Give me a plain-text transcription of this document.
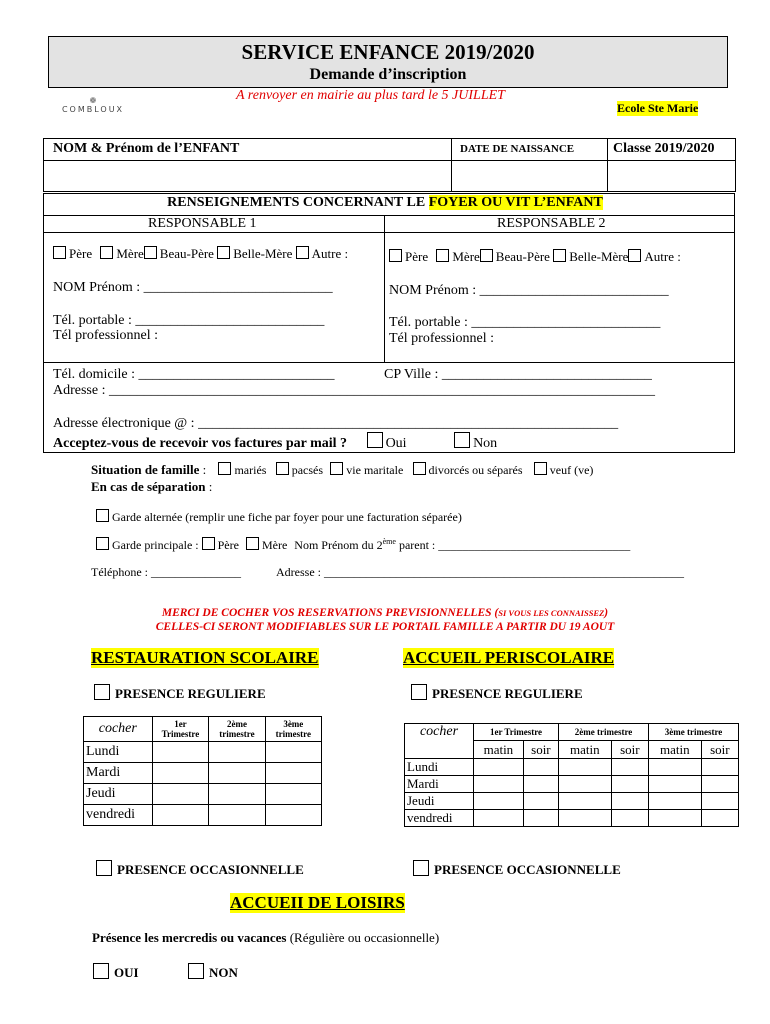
SERVICE ENFANCE 2019/2020
Demande d’inscription
A renvoyer en mairie au plus tard le 5 JUILLET
❁
COMBLOUX	Ecole Ste Marie
NOM & Prénom de l’ENFANT	DATE DE NAISSANCE	Classe 2019/2020
RENSEIGNEMENTS CONCERNANT LE FOYER OU VIT L’ENFANT
RESPONSABLE 1	RESPONSABLE 2
Père Mère Beau-Père Belle-Mère Autre :	Père Mère Beau-Père Belle-Mère Autre :
NOM Prénom : ___________________________	NOM Prénom : ___________________________
Tél. portable : ___________________________
Tél professionnel :
Tél. portable : ___________________________
Tél professionnel :
Tél. domicile : ____________________________	CP Ville : ______________________________
Adresse : ______________________________________________________________________________
Adresse électronique @ : ____________________________________________________________
Acceptez-vous de recevoir vos factures par mail ?	Oui	Non
Situation de famille : mariés pacsés vie maritale divorcés ou séparés veuf (ve)
En cas de séparation :
Garde alternée (remplir une fiche par foyer pour une facturation séparée)
Garde principale : Père Mère Nom Prénom du 2ème parent : ________________________________
Téléphone : _______________	Adresse : ____________________________________________________________
MERCI DE COCHER VOS RESERVATIONS PREVISIONNELLES (SI VOUS LES CONNAISSEZ)
CELLES-CI SERONT MODIFIABLES SUR LE PORTAIL FAMILLE A PARTIR DU 19 AOUT
RESTAURATION SCOLAIRE
PRESENCE REGULIERE
cocher	1er Trimestre	2ème trimestre	3ème trimestre
Lundi			
Mardi			
Jeudi			
vendredi			
PRESENCE OCCASIONNELLE
ACCUEIL PERISCOLAIRE
PRESENCE REGULIERE
cocher	1er Trimestre		2ème trimestre		3ème trimestre	
	matin	soir	matin	soir	matin	soir
Lundi						
Mardi						
Jeudi						
vendredi						
PRESENCE OCCASIONNELLE
ACCUEII DE LOISIRS
Présence les mercredis ou vacances (Régulière ou occasionnelle)
OUI	NON
